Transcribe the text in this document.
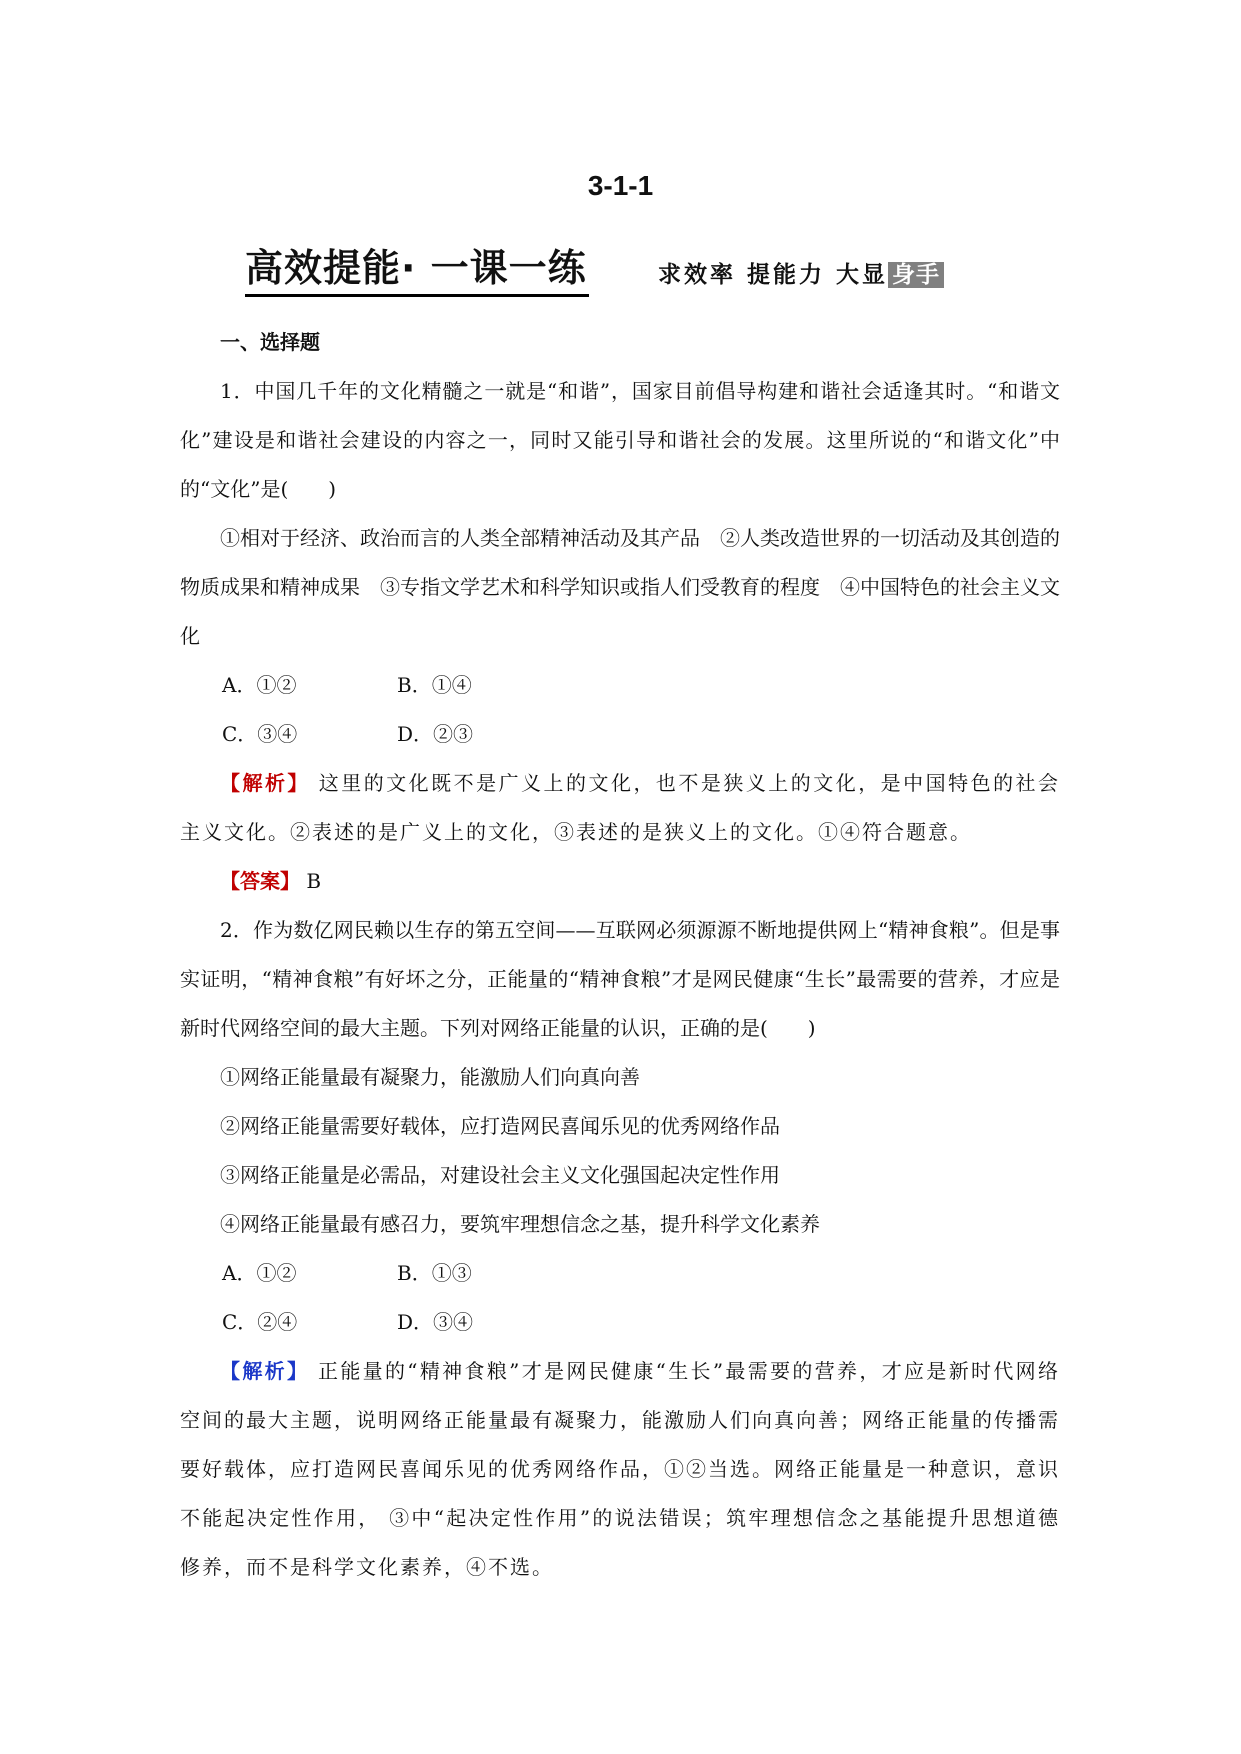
3-1-1
高效提能· 一课一练	求效率 提能力 大显 身手

一、选择题

1．中国几千年的文化精髓之一就是“和谐”，国家目前倡导构建和谐社会适逢其时。“和谐文化”建设是和谐社会建设的内容之一，同时又能引导和谐社会的发展。这里所说的“和谐文化”中的“文化”是(　　)

①相对于经济、政治而言的人类全部精神活动及其产品　②人类改造世界的一切活动及其创造的物质成果和精神成果　③专指文学艺术和科学知识或指人们受教育的程度　④中国特色的社会主义文化

A．①②	B．①④
C．③④	D．②③

【解析】 这里的文化既不是广义上的文化，也不是狭义上的文化，是中国特色的社会主义文化。②表述的是广义上的文化，③表述的是狭义上的文化。①④符合题意。

【答案】 B

2．作为数亿网民赖以生存的第五空间——互联网必须源源不断地提供网上“精神食粮”。但是事实证明，“精神食粮”有好坏之分，正能量的“精神食粮”才是网民健康“生长”最需要的营养，才应是新时代网络空间的最大主题。下列对网络正能量的认识，正确的是(　　)

①网络正能量最有凝聚力，能激励人们向真向善

②网络正能量需要好载体，应打造网民喜闻乐见的优秀网络作品

③网络正能量是必需品，对建设社会主义文化强国起决定性作用

④网络正能量最有感召力，要筑牢理想信念之基，提升科学文化素养

A．①②	B．①③
C．②④	D．③④

【解析】 正能量的“精神食粮”才是网民健康“生长”最需要的营养，才应是新时代网络空间的最大主题，说明网络正能量最有凝聚力，能激励人们向真向善；网络正能量的传播需要好载体，应打造网民喜闻乐见的优秀网络作品，①②当选。网络正能量是一种意识，意识不能起决定性作用， ③中“起决定性作用”的说法错误；筑牢理想信念之基能提升思想道德修养，而不是科学文化素养，④不选。
